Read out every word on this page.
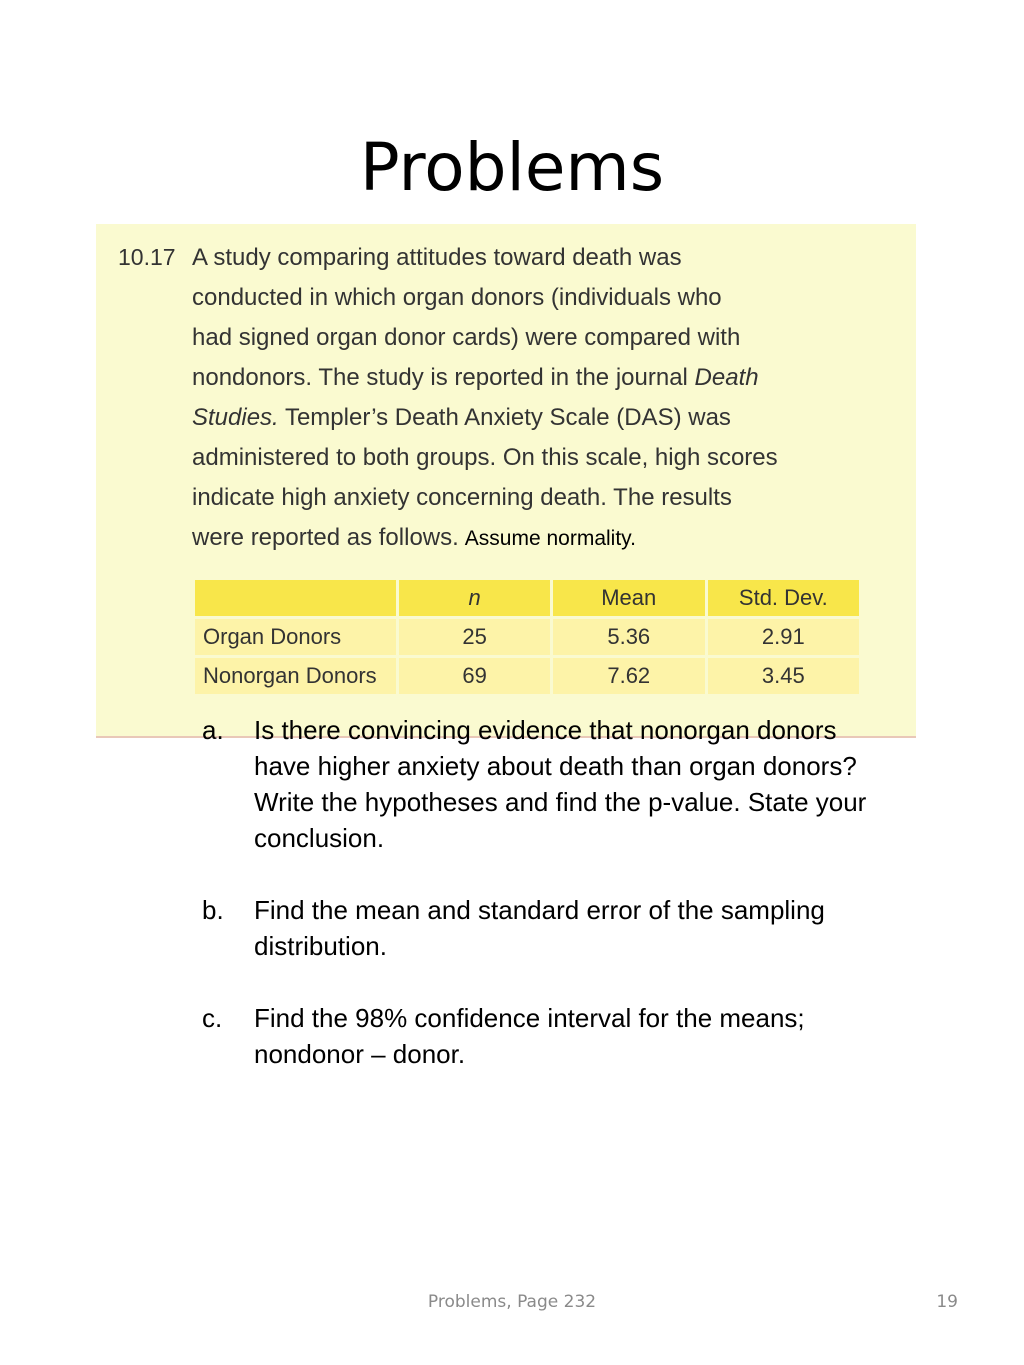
Problems
10.17 A study comparing attitudes toward death was
conducted in which organ donors (individuals who
had signed organ donor cards) were compared with
nondonors. The study is reported in the journal Death
Studies. Templer’s Death Anxiety Scale (DAS) was
administered to both groups. On this scale, high scores
indicate high anxiety concerning death. The results
were reported as follows. Assume normality.
	n	Mean	Std. Dev.
Organ Donors	25	5.36	2.91
Nonorgan Donors	69	7.62	3.45
a. Is there convincing evidence that nonorgan donors have higher anxiety about death than organ donors? Write the hypotheses and find the p-value. State your conclusion.
b. Find the mean and standard error of the sampling distribution.
c. Find the 98% confidence interval for the means; nondonor – donor.
Problems, Page 232	19
